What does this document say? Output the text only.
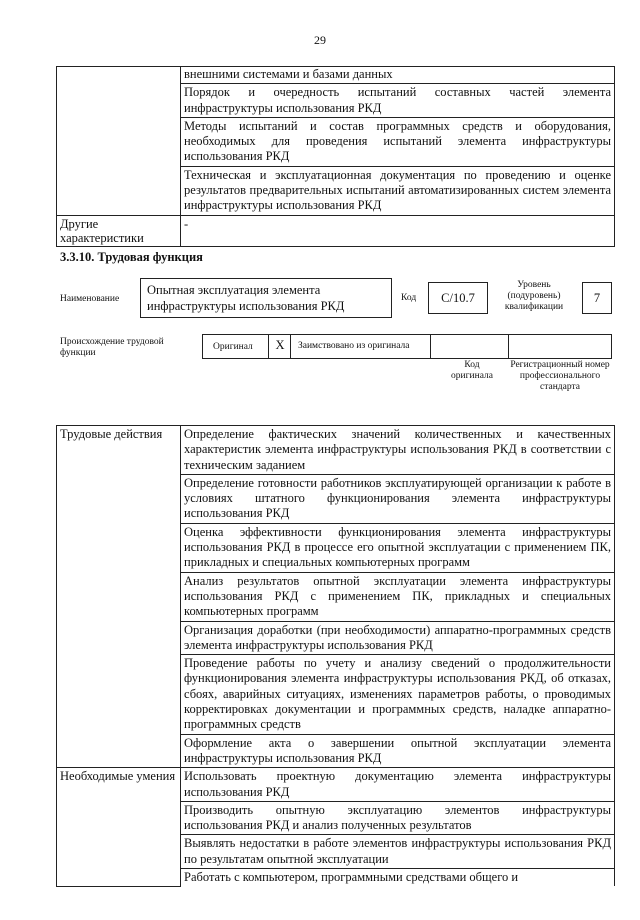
29
	внешними системами и базами данных
	Порядок и очередность испытаний составных частей элемента инфраструктуры использования РКД
	Методы испытаний и состав программных средств и оборудования, необходимых для проведения испытаний элемента инфраструктуры использования РКД
	Техническая и эксплуатационная документация по проведению и оценке результатов предварительных испытаний автоматизированных систем элемента инфраструктуры использования РКД
Другие характеристики	-
3.3.10. Трудовая функция
Наименование
Опытная эксплуатация элемента инфраструктуры использования РКД
Код	C/10.7
Уровень (подуровень) квалификации
7
Происхождение трудовой функции
Оригинал	X	Заимствовано из оригинала
Код оригинала
Регистрационный номер профессионального стандарта
Трудовые действия	Определение фактических значений количественных и качественных характеристик элемента инфраструктуры использования РКД в соответствии с техническим заданием
	Определение готовности работников эксплуатирующей организации к работе в условиях штатного функционирования элемента инфраструктуры использования РКД
	Оценка эффективности функционирования элемента инфраструктуры использования РКД в процессе его опытной эксплуатации с применением ПК, прикладных и специальных компьютерных программ
	Анализ результатов опытной эксплуатации элемента инфраструктуры использования РКД с применением ПК, прикладных и специальных компьютерных программ
	Организация доработки (при необходимости) аппаратно-программных средств элемента инфраструктуры использования РКД
	Проведение работы по учету и анализу сведений о продолжительности функционирования элемента инфраструктуры использования РКД, об отказах, сбоях, аварийных ситуациях, изменениях параметров работы, о проводимых корректировках документации и программных средств, наладке аппаратно-программных средств
	Оформление акта о завершении опытной эксплуатации элемента инфраструктуры использования РКД
Необходимые умения	Использовать проектную документацию элемента инфраструктуры использования РКД
	Производить опытную эксплуатацию элементов инфраструктуры использования РКД и анализ полученных результатов
	Выявлять недостатки в работе элементов инфраструктуры использования РКД по результатам опытной эксплуатации
	Работать с компьютером, программными средствами общего и
